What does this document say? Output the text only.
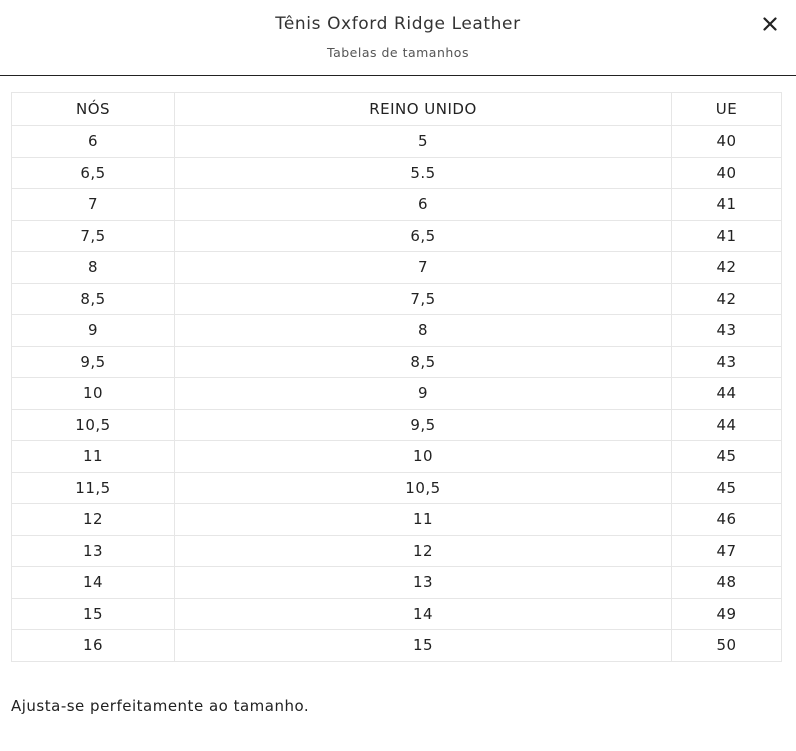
Tênis Oxford Ridge Leather
Tabelas de tamanhos
NÓS	REINO UNIDO	UE
6	5	40
6,5	5.5	40
7	6	41
7,5	6,5	41
8	7	42
8,5	7,5	42
9	8	43
9,5	8,5	43
10	9	44
10,5	9,5	44
11	10	45
11,5	10,5	45
12	11	46
13	12	47
14	13	48
15	14	49
16	15	50
Ajusta-se perfeitamente ao tamanho.
